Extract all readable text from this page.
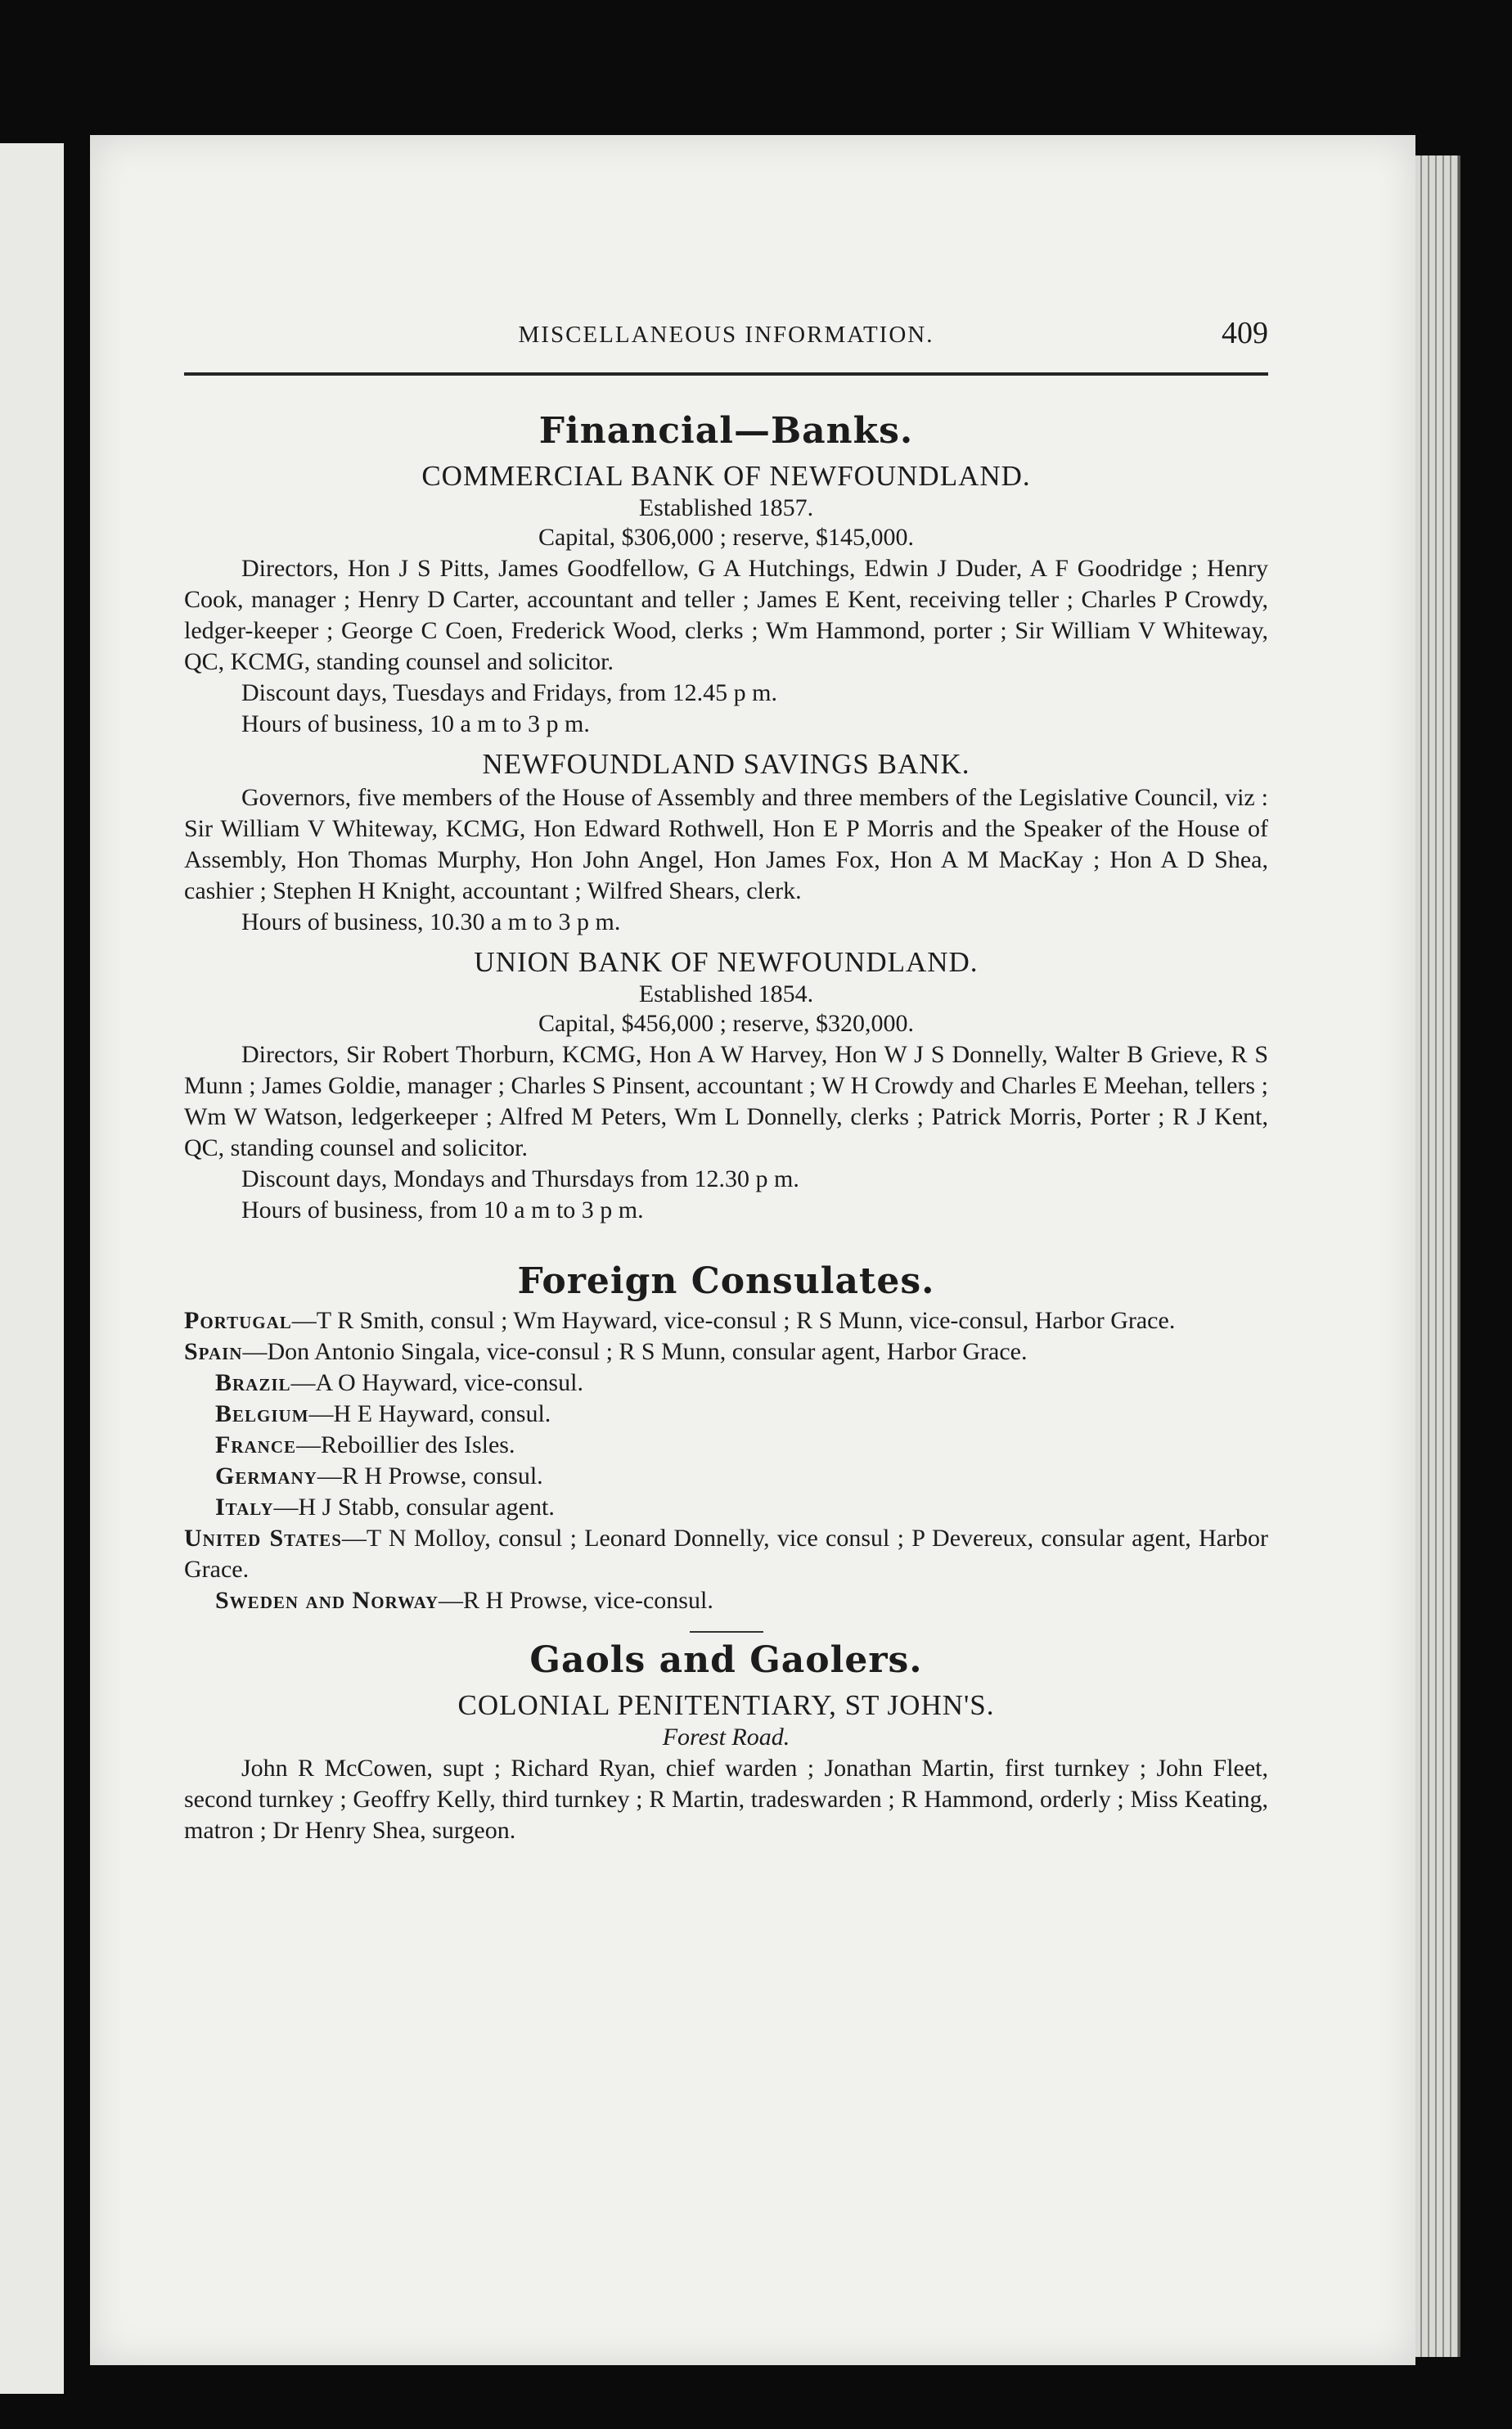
MISCELLANEOUS INFORMATION.	409
Financial—Banks.
COMMERCIAL BANK OF NEWFOUNDLAND.
Established 1857.
Capital, $306,000 ; reserve, $145,000.

Directors, Hon J S Pitts, James Goodfellow, G A Hutchings, Edwin J Duder, A F Goodridge ; Henry Cook, manager ; Henry D Carter, accountant and teller ; James E Kent, receiving teller ; Charles P Crowdy, ledger-keeper ; George C Coen, Frederick Wood, clerks ; Wm Hammond, porter ; Sir William V Whiteway, QC, KCMG, standing counsel and solicitor.

Discount days, Tuesdays and Fridays, from 12.45 p m.

Hours of business, 10 a m to 3 p m.

NEWFOUNDLAND SAVINGS BANK.

Governors, five members of the House of Assembly and three members of the Legislative Council, viz : Sir William V Whiteway, KCMG, Hon Edward Rothwell, Hon E P Morris and the Speaker of the House of Assembly, Hon Thomas Murphy, Hon John Angel, Hon James Fox, Hon A M MacKay ; Hon A D Shea, cashier ; Stephen H Knight, accountant ; Wilfred Shears, clerk.

Hours of business, 10.30 a m to 3 p m.

UNION BANK OF NEWFOUNDLAND.
Established 1854.
Capital, $456,000 ; reserve, $320,000.

Directors, Sir Robert Thorburn, KCMG, Hon A W Harvey, Hon W J S Donnelly, Walter B Grieve, R S Munn ; James Goldie, manager ; Charles S Pinsent, accountant ; W H Crowdy and Charles E Meehan, tellers ; Wm W Watson, ledgerkeeper ; Alfred M Peters, Wm L Donnelly, clerks ; Patrick Morris, Porter ; R J Kent, QC, standing counsel and solicitor.

Discount days, Mondays and Thursdays from 12.30 p m.

Hours of business, from 10 a m to 3 p m.

Foreign Consulates.

Portugal—T R Smith, consul ; Wm Hayward, vice-consul ; R S Munn, vice-consul, Harbor Grace.

Spain—Don Antonio Singala, vice-consul ; R S Munn, consular agent, Harbor Grace.

Brazil—A O Hayward, vice-consul.

Belgium—H E Hayward, consul.

France—Reboillier des Isles.

Germany—R H Prowse, consul.

Italy—H J Stabb, consular agent.

United States—T N Molloy, consul ; Leonard Donnelly, vice consul ; P Devereux, consular agent, Harbor Grace.

Sweden and Norway—R H Prowse, vice-consul.

Gaols and Gaolers.
COLONIAL PENITENTIARY, ST JOHN'S.
Forest Road.

John R McCowen, supt ; Richard Ryan, chief warden ; Jonathan Martin, first turnkey ; John Fleet, second turnkey ; Geoffry Kelly, third turnkey ; R Martin, tradeswarden ; R Hammond, orderly ; Miss Keating, matron ; Dr Henry Shea, surgeon.
